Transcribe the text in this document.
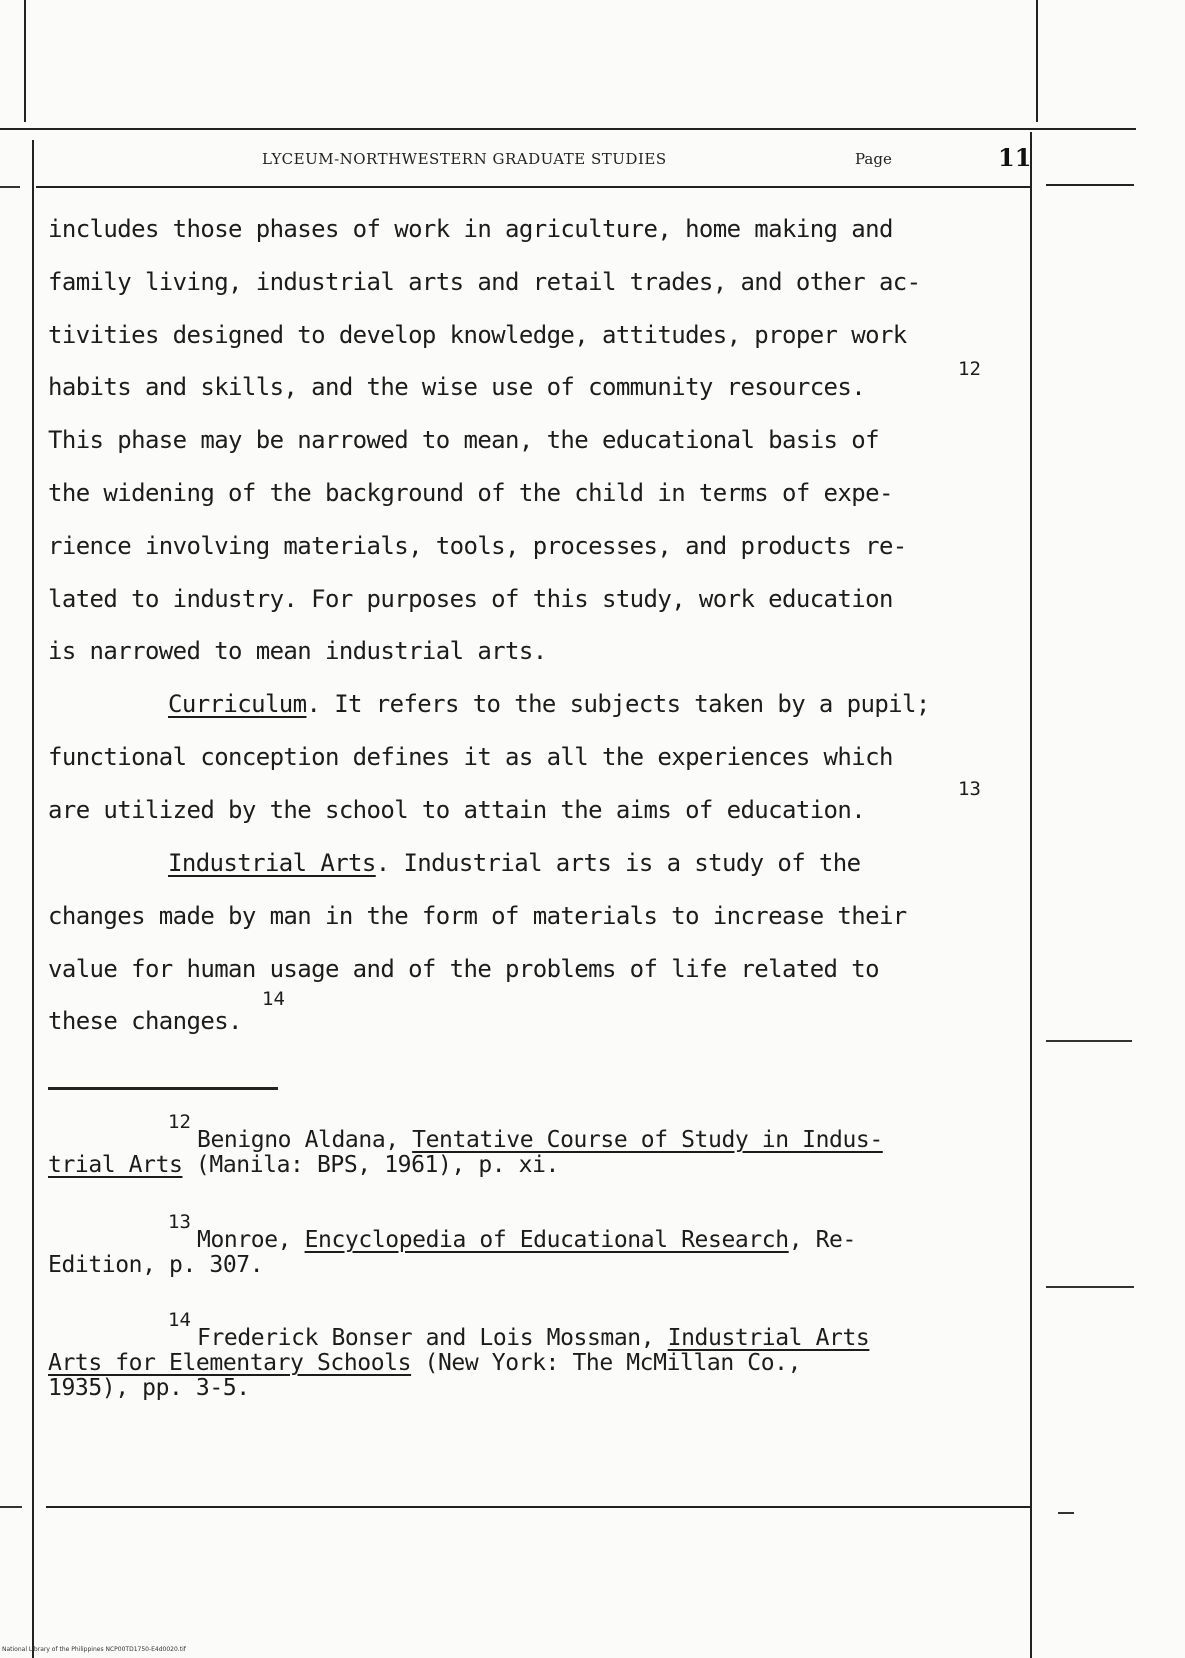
LYCEUM-NORTHWESTERN GRADUATE STUDIES	Page	11
includes those phases of work in agriculture, home making and
family living, industrial arts and retail trades, and other ac-
tivities designed to develop knowledge, attitudes, proper work
habits and skills, and the wise use of community resources.
12
This phase may be narrowed to mean, the educational basis of
the widening of the background of the child in terms of expe-
rience involving materials, tools, processes, and products re-
lated to industry. For purposes of this study, work education
is narrowed to mean industrial arts.
Curriculum. It refers to the subjects taken by a pupil;
functional conception defines it as all the experiences which
are utilized by the school to attain the aims of education.
13
Industrial Arts. Industrial arts is a study of the
changes made by man in the form of materials to increase their
value for human usage and of the problems of life related to
these changes.
14
12
Benigno Aldana, Tentative Course of Study in Indus-
trial Arts (Manila: BPS, 1961), p. xi.
13
Monroe, Encyclopedia of Educational Research, Re-
Edition, p. 307.
14
Frederick Bonser and Lois Mossman, Industrial Arts
Arts for Elementary Schools (New York: The McMillan Co.,
1935), pp. 3-5.
National Library of the Philippines NCP00TD1750-E4d0020.tif
